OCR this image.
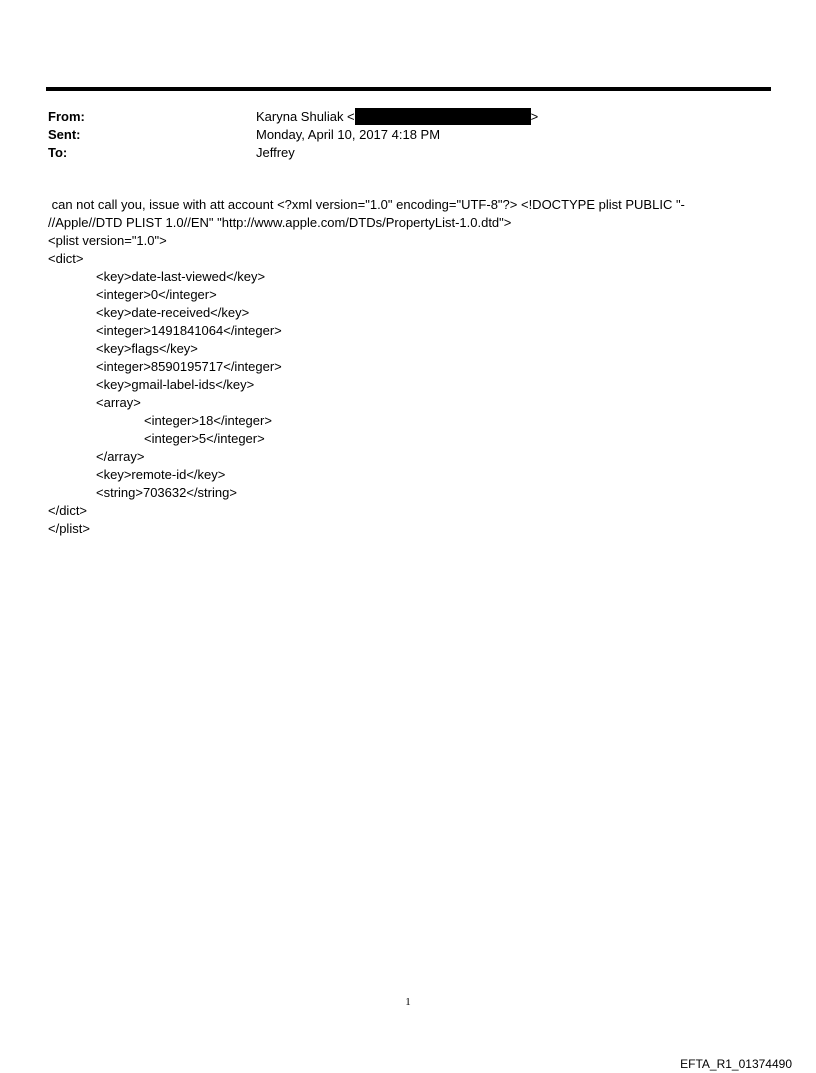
From:	Karyna Shuliak <	>
Sent:	Monday, April 10, 2017 4:18 PM
To:	Jeffrey
can not call you, issue with att account <?xml version="1.0" encoding="UTF-8"?> <!DOCTYPE plist PUBLIC "-
//Apple//DTD PLIST 1.0//EN" "http://www.apple.com/DTDs/PropertyList-1.0.dtd">
<plist version="1.0">
<dict>
<key>date-last-viewed</key>
<integer>0</integer>
<key>date-received</key>
<integer>1491841064</integer>
<key>flags</key>
<integer>8590195717</integer>
<key>gmail-label-ids</key>
<array>
<integer>18</integer>
<integer>5</integer>
</array>
<key>remote-id</key>
<string>703632</string>
</dict>
</plist>
1
EFTA_R1_01374490
